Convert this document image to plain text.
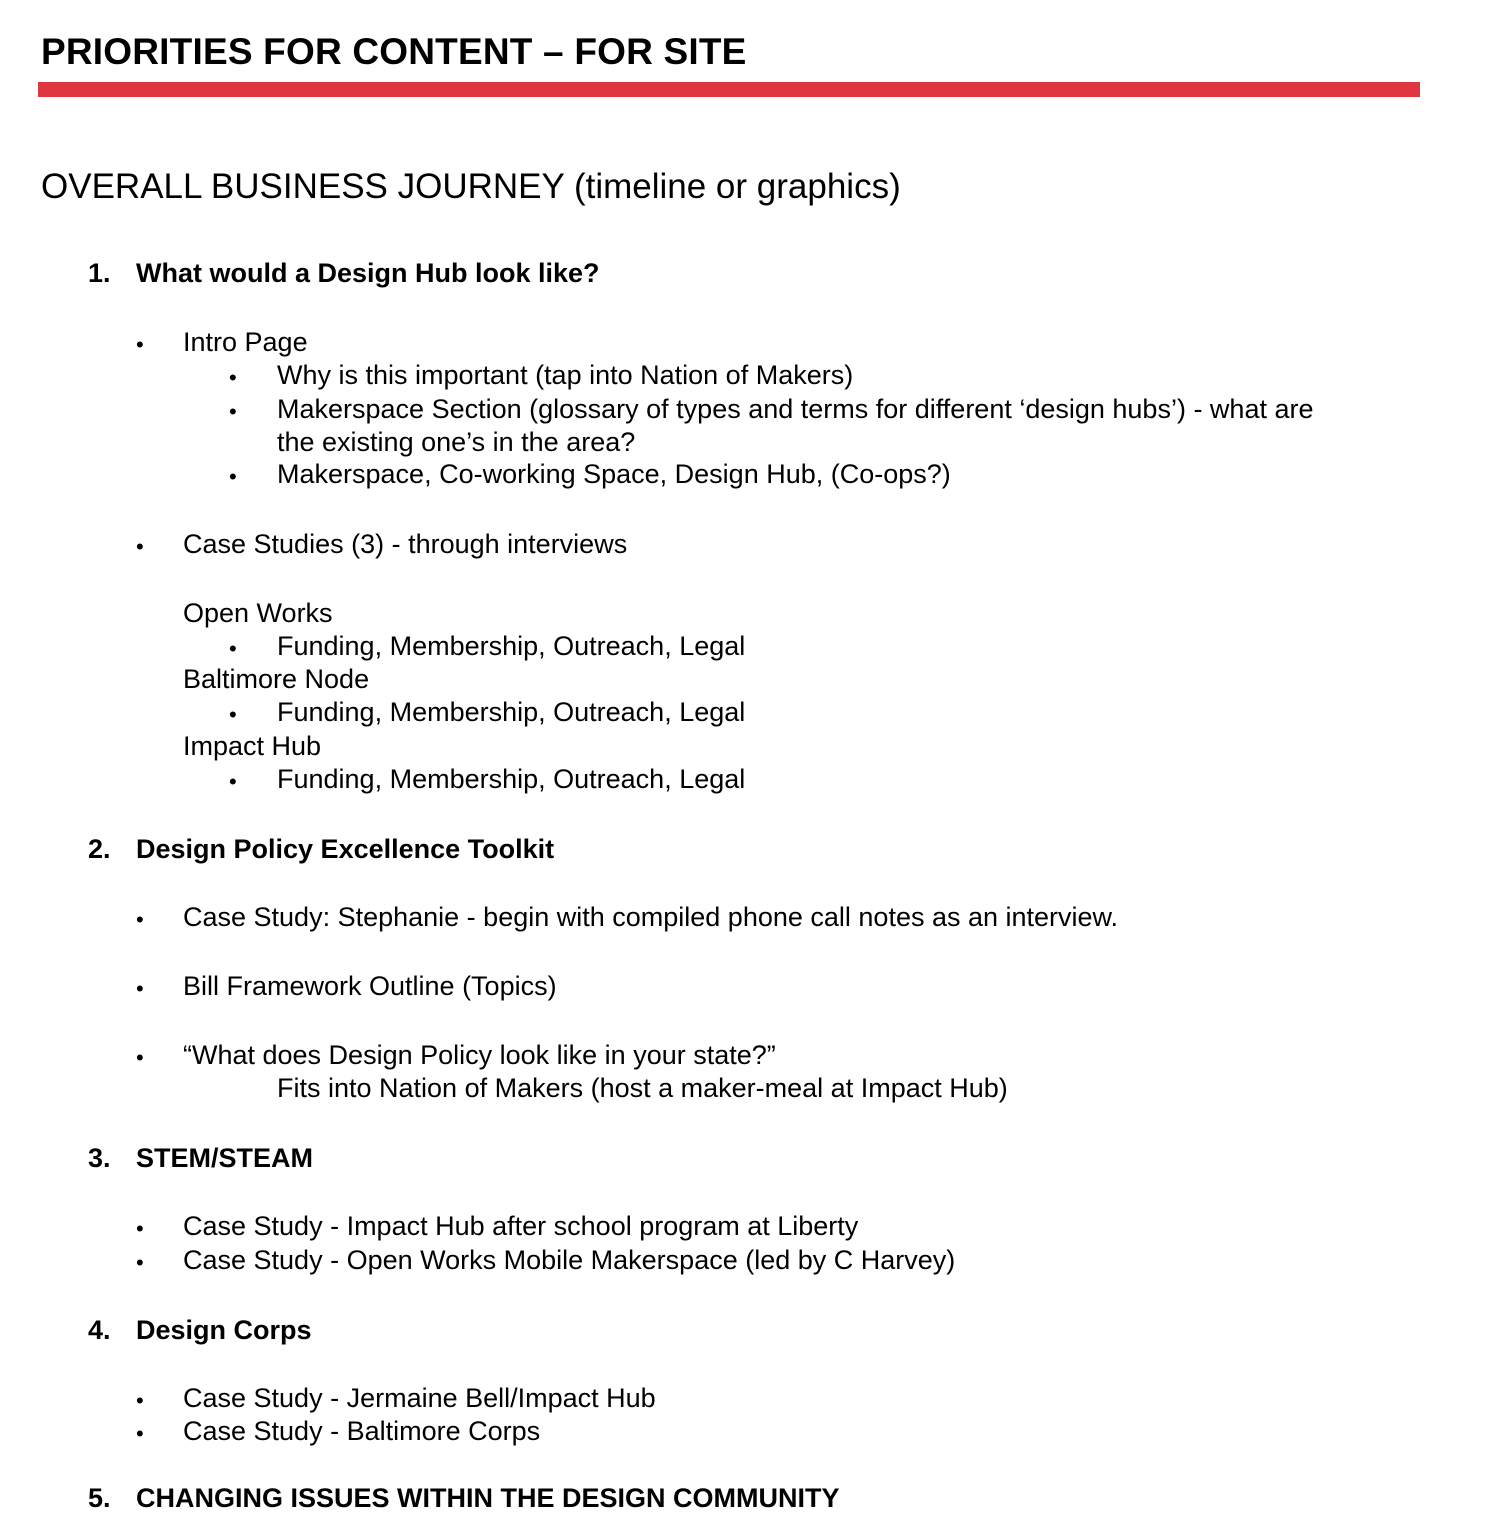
PRIORITIES FOR CONTENT – FOR SITE
OVERALL BUSINESS JOURNEY (timeline or graphics)
1. What would a Design Hub look like?
• Intro Page
• Why is this important (tap into Nation of Makers)
• Makerspace Section (glossary of types and terms for different ‘design hubs’) - what are
the existing one’s in the area?
• Makerspace, Co-working Space, Design Hub, (Co-ops?)
• Case Studies (3) - through interviews
Open Works
• Funding, Membership, Outreach, Legal
Baltimore Node
• Funding, Membership, Outreach, Legal
Impact Hub
• Funding, Membership, Outreach, Legal
2. Design Policy Excellence Toolkit
• Case Study: Stephanie - begin with compiled phone call notes as an interview.
• Bill Framework Outline (Topics)
• “What does Design Policy look like in your state?”
Fits into Nation of Makers (host a maker-meal at Impact Hub)
3. STEM/STEAM
• Case Study - Impact Hub after school program at Liberty
• Case Study - Open Works Mobile Makerspace (led by C Harvey)
4. Design Corps
• Case Study - Jermaine Bell/Impact Hub
• Case Study - Baltimore Corps
5. CHANGING ISSUES WITHIN THE DESIGN COMMUNITY
